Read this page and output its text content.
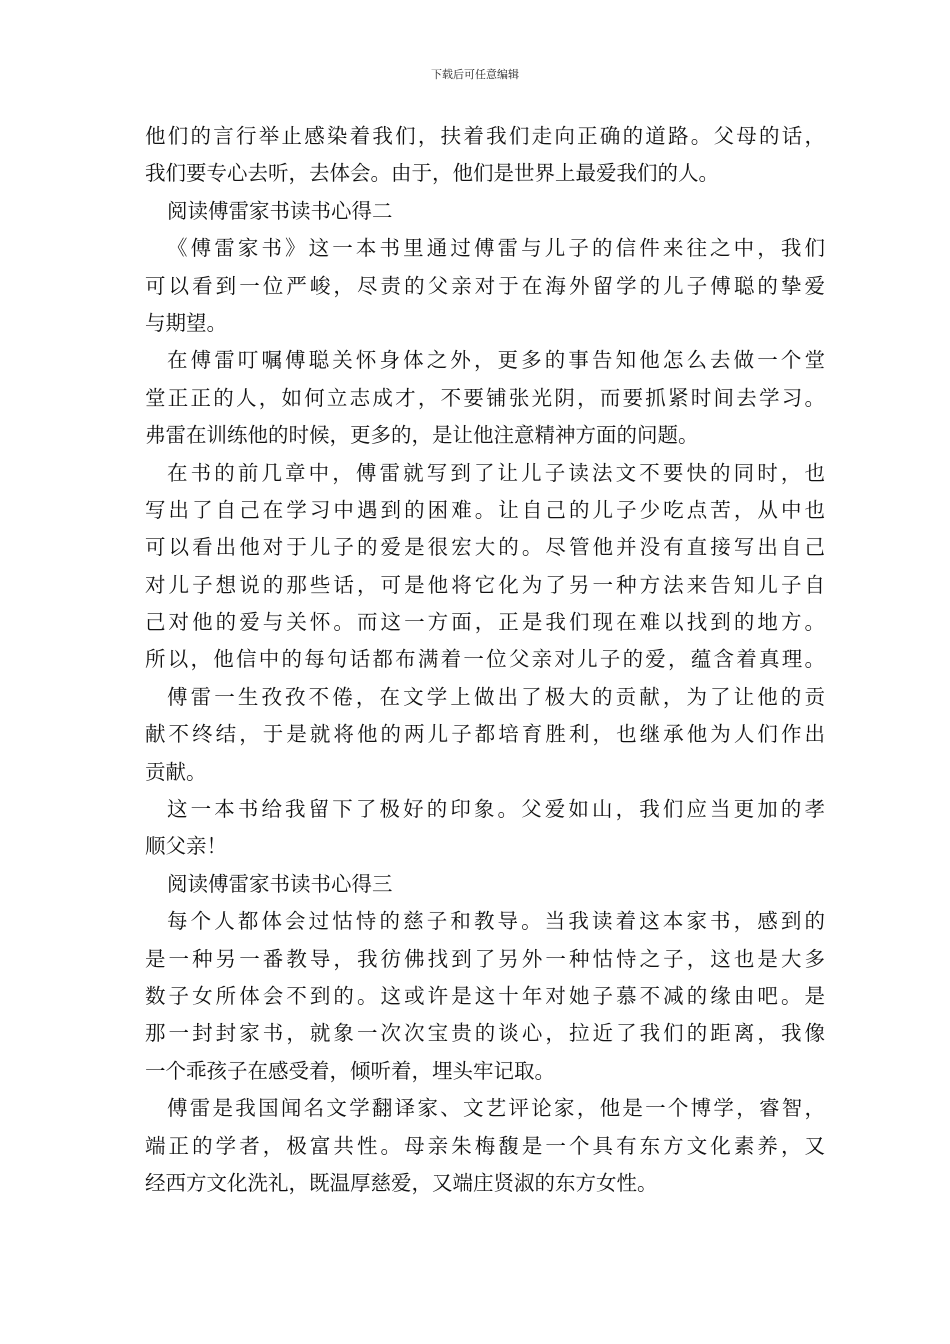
下载后可任意编辑
他们的言行举止感染着我们，扶着我们走向正确的道路。父母的话，
我们要专心去听，去体会。由于，他们是世界上最爱我们的人。
阅读傅雷家书读书心得二
《傅雷家书》这一本书里通过傅雷与儿子的信件来往之中，我们
可以看到一位严峻，尽责的父亲对于在海外留学的儿子傅聪的挚爱
与期望。
在傅雷叮嘱傅聪关怀身体之外，更多的事告知他怎么去做一个堂
堂正正的人，如何立志成才，不要铺张光阴，而要抓紧时间去学习。
弗雷在训练他的时候，更多的，是让他注意精神方面的问题。
在书的前几章中，傅雷就写到了让儿子读法文不要快的同时，也
写出了自己在学习中遇到的困难。让自己的儿子少吃点苦，从中也
可以看出他对于儿子的爱是很宏大的。尽管他并没有直接写出自己
对儿子想说的那些话，可是他将它化为了另一种方法来告知儿子自
己对他的爱与关怀。而这一方面，正是我们现在难以找到的地方。
所以，他信中的每句话都布满着一位父亲对儿子的爱，蕴含着真理。
傅雷一生孜孜不倦，在文学上做出了极大的贡献，为了让他的贡
献不终结，于是就将他的两儿子都培育胜利，也继承他为人们作出
贡献。
这一本书给我留下了极好的印象。父爱如山，我们应当更加的孝
顺父亲！
阅读傅雷家书读书心得三
每个人都体会过怙恃的慈子和教导。当我读着这本家书，感到的
是一种另一番教导，我彷佛找到了另外一种怙恃之子，这也是大多
数子女所体会不到的。这或许是这十年对她子慕不减的缘由吧。是
那一封封家书，就象一次次宝贵的谈心，拉近了我们的距离，我像
一个乖孩子在感受着，倾听着，埋头牢记取。
傅雷是我国闻名文学翻译家、文艺评论家，他是一个博学，睿智，
端正的学者，极富共性。母亲朱梅馥是一个具有东方文化素养，又
经西方文化洗礼，既温厚慈爱，又端庄贤淑的东方女性。
